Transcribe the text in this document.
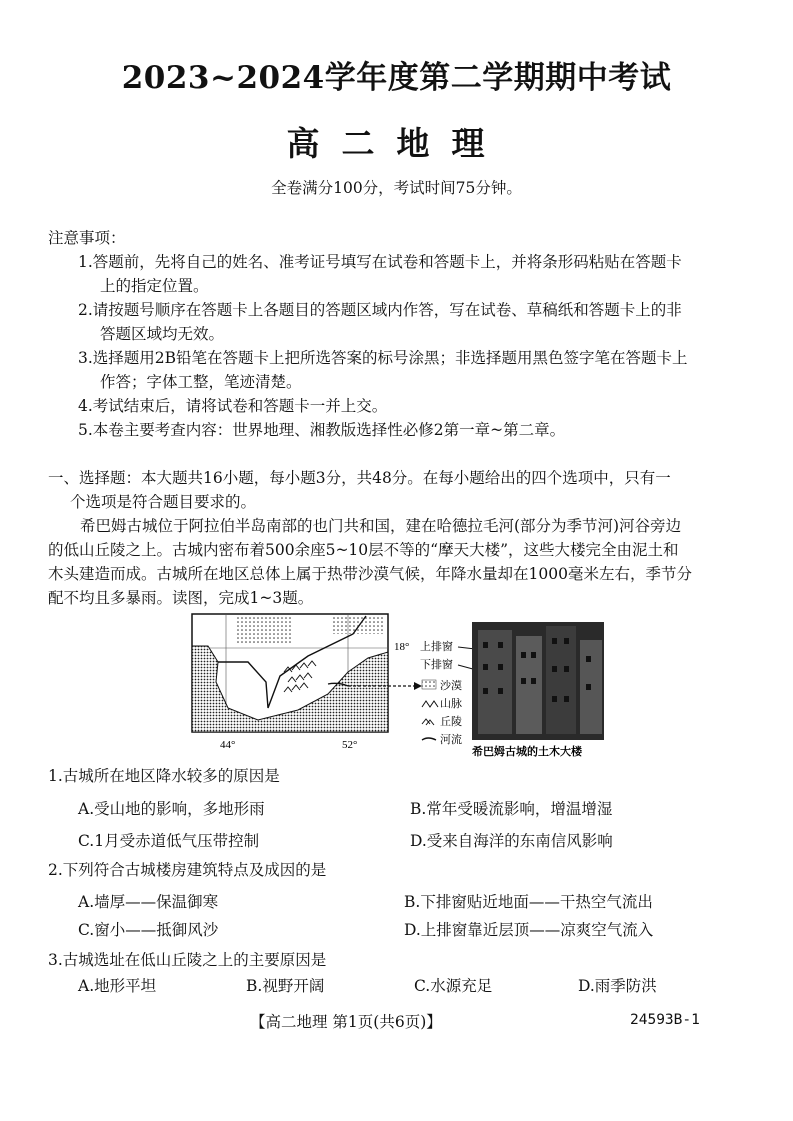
2023~2024学年度第二学期期中考试
高二地理
全卷满分100分，考试时间75分钟。
注意事项：
1.答题前，先将自己的姓名、准考证号填写在试卷和答题卡上，并将条形码粘贴在答题卡
上的指定位置。
2.请按题号顺序在答题卡上各题目的答题区域内作答，写在试卷、草稿纸和答题卡上的非
答题区域均无效。
3.选择题用2B铅笔在答题卡上把所选答案的标号涂黑；非选择题用黑色签字笔在答题卡上
作答；字体工整，笔迹清楚。
4.考试结束后，请将试卷和答题卡一并上交。
5.本卷主要考查内容：世界地理、湘教版选择性必修2第一章~第二章。
一、选择题：本大题共16小题，每小题3分，共48分。在每小题给出的四个选项中，只有一
个选项是符合题目要求的。
希巴姆古城位于阿拉伯半岛南部的也门共和国，建在哈德拉毛河(部分为季节河)河谷旁边
的低山丘陵之上。古城内密布着500余座5~10层不等的“摩天大楼”，这些大楼完全由泥土和
木头建造而成。古城所在地区总体上属于热带沙漠气候，年降水量却在1000毫米左右，季节分
配不均且多暴雨。读图，完成1~3题。
18°
44°	52°
上排窗
下排窗
沙漠
山脉
丘陵
河流
希巴姆古城的土木大楼
1.古城所在地区降水较多的原因是
A.受山地的影响，多地形雨	B.常年受暖流影响，增温增湿
C.1月受赤道低气压带控制	D.受来自海洋的东南信风影响
2.下列符合古城楼房建筑特点及成因的是
A.墙厚——保温御寒	B.下排窗贴近地面——干热空气流出
C.窗小——抵御风沙	D.上排窗靠近层顶——凉爽空气流入
3.古城选址在低山丘陵之上的主要原因是
A.地形平坦	B.视野开阔	C.水源充足	D.雨季防洪
【高二地理 第1页(共6页)】	24593B-1
